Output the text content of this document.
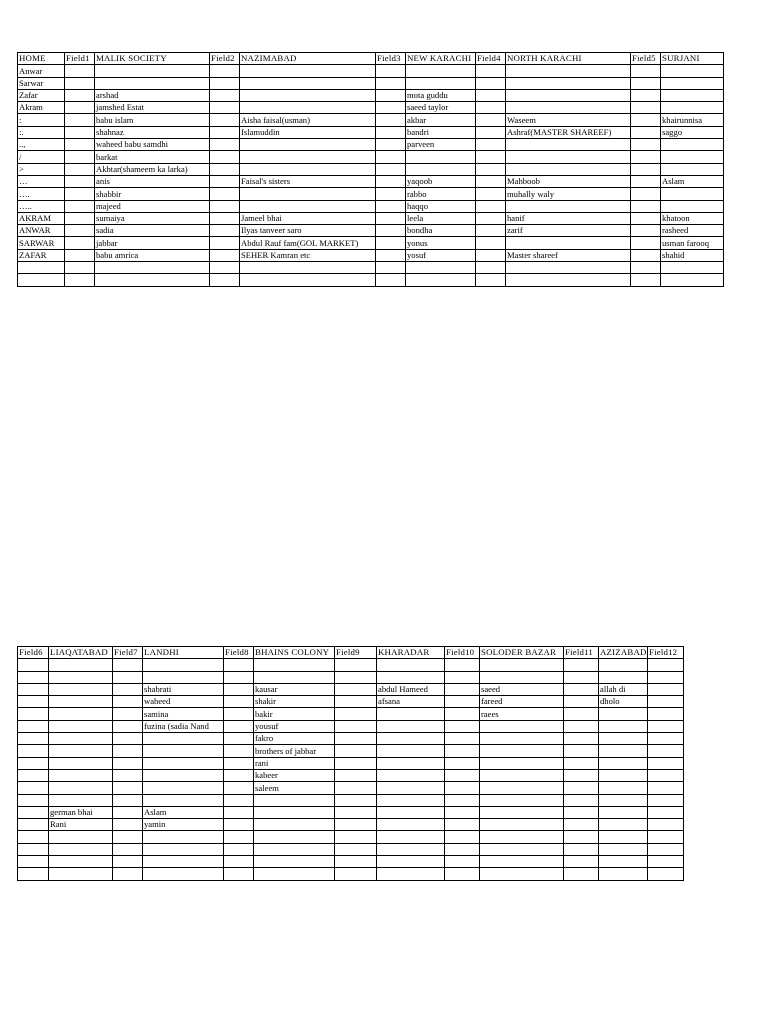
HOME	Field1	MALIK SOCIETY	Field2	NAZIMABAD	Field3	NEW KARACHI	Field4	NORTH KARACHI	Field5	SURJANI
Anwar										
Sarwar										
Zafar		arshad				mota guddu				
Akram		jamshed Estat				saeed taylor				
:		babu islam		Aisha faisal(usman)		akbar		Waseem		khairunnisa
:.		shahnaz		Islamuddin		bandri		Ashraf(MASTER SHAREEF)		saggo
..,		waheed babu samdhi				parveen				
/		barkat								
>		Akhtar(shameem ka larka)								
…		anis		Faisal's sisters		yaqoob		Mahboob		Aslam
….		shabbir				rabbo		muhally waly		
…..		majeed				haqqo				
AKRAM		sumaiya		Jameel bhai		leela		hanif		khatoon
ANWAR		sadia		Ilyas tanveer saro		bondha		zarif		rasheed
SARWAR		jabbar		Abdul Rauf fam(GOL MARKET)		yonus				usman farooq
ZAFAR		babu amrica		SEHER Kamran etc		yosuf		Master shareef		shahid

Field6	LIAQATABAD	Field7	LANDHI	Field8	BHAINS COLONY	Field9	KHARADAR	Field10	SOLODER BAZAR	Field11	AZIZABAD	Field12

			shabrati		kausar		abdul Hameed		saeed		allah di	
			waheed		shakir		afsana		fareed		dholo	
			samina		bakir				raees			
			fuzina (sadia Nand		yousuf							
					fakro							
					brothers of jabbar							
					rani							
					kabeer							
					saleem							

	german bhai		Aslam									
	Rani		yamin									
